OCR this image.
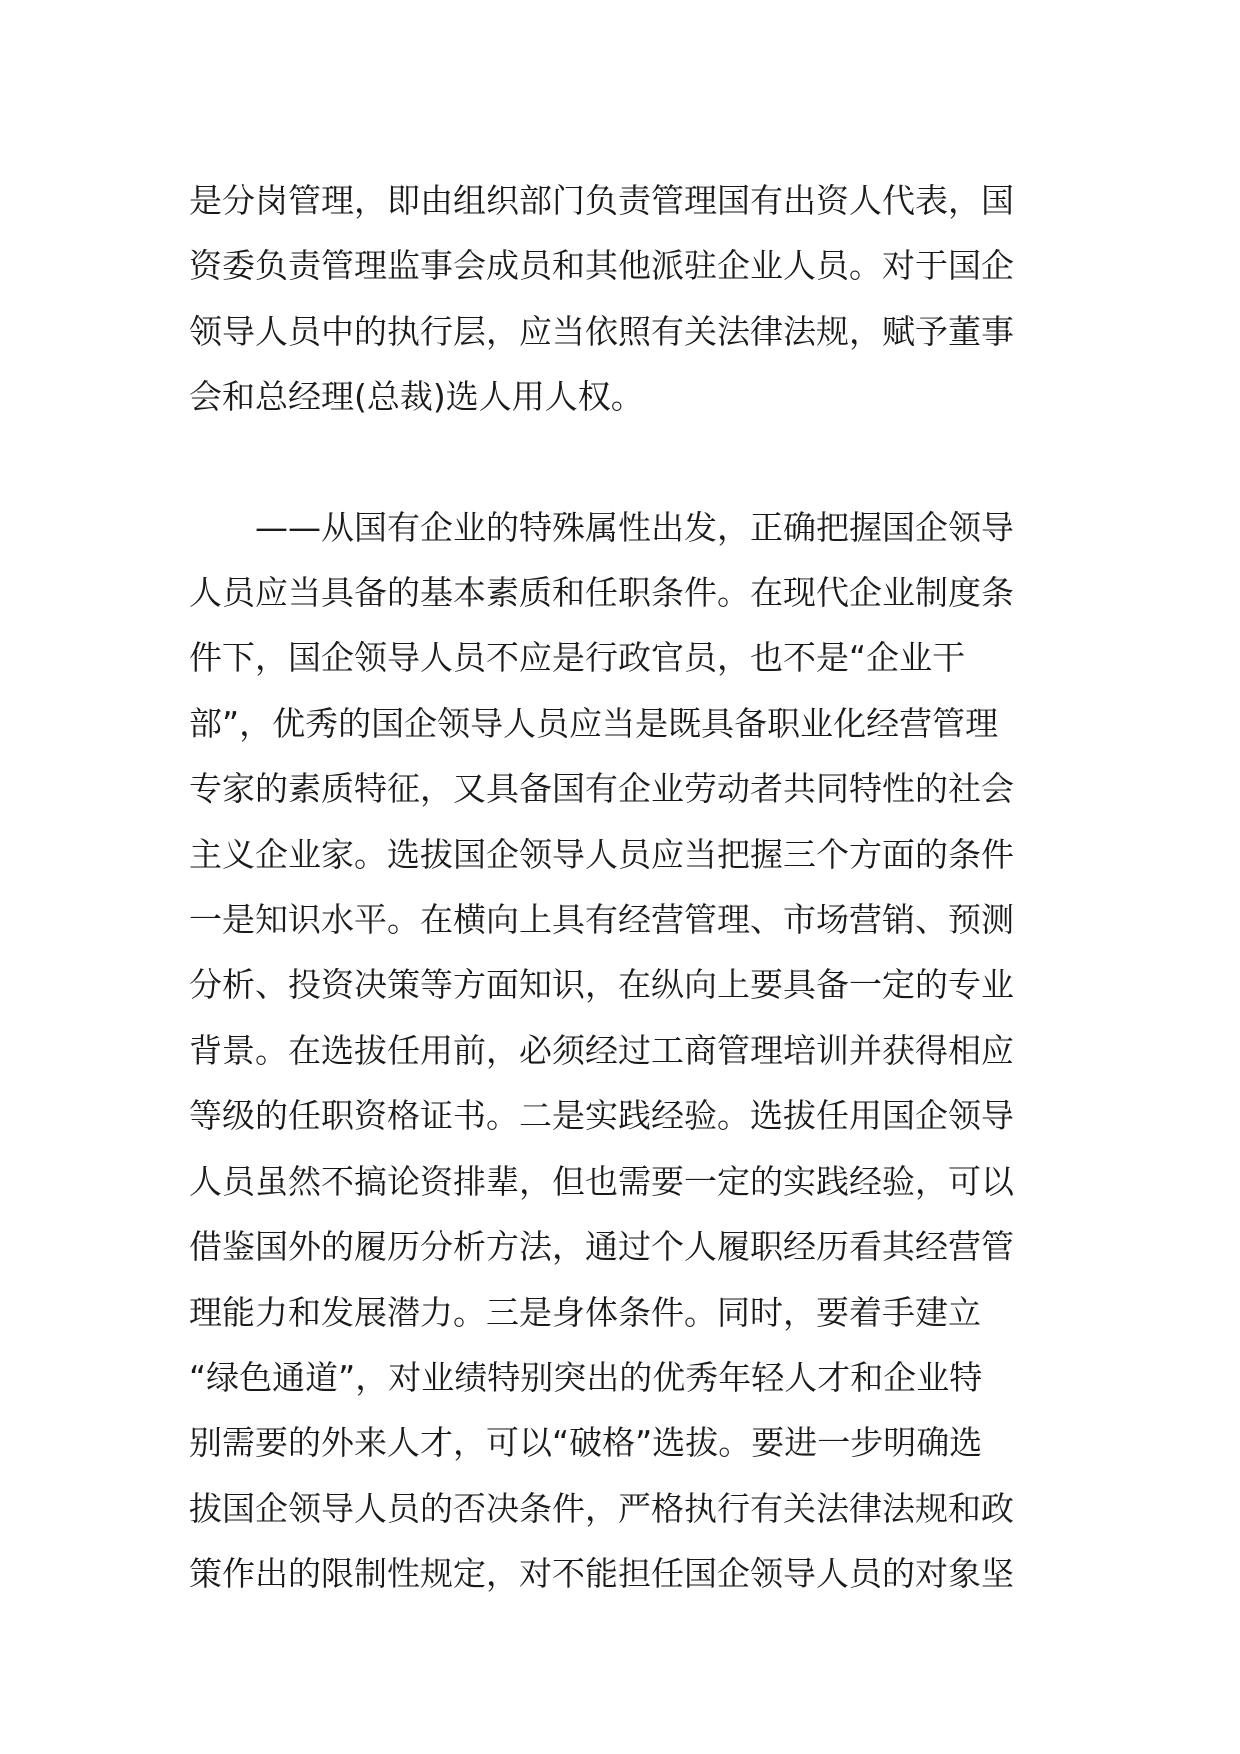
是分岗管理，即由组织部门负责管理国有出资人代表，国

资委负责管理监事会成员和其他派驻企业人员。对于国企

领导人员中的执行层，应当依照有关法律法规，赋予董事

会和总经理(总裁)选人用人权。

——从国有企业的特殊属性出发，正确把握国企领导

人员应当具备的基本素质和任职条件。在现代企业制度条

件下，国企领导人员不应是行政官员，也不是“企业干

部”，优秀的国企领导人员应当是既具备职业化经营管理

专家的素质特征，又具备国有企业劳动者共同特性的社会

主义企业家。选拔国企领导人员应当把握三个方面的条件

一是知识水平。在横向上具有经营管理、市场营销、预测

分析、投资决策等方面知识，在纵向上要具备一定的专业

背景。在选拔任用前，必须经过工商管理培训并获得相应

等级的任职资格证书。二是实践经验。选拔任用国企领导

人员虽然不搞论资排辈，但也需要一定的实践经验，可以

借鉴国外的履历分析方法，通过个人履职经历看其经营管

理能力和发展潜力。三是身体条件。同时，要着手建立

“绿色通道”，对业绩特别突出的优秀年轻人才和企业特

别需要的外来人才，可以“破格”选拔。要进一步明确选

拔国企领导人员的否决条件，严格执行有关法律法规和政

策作出的限制性规定，对不能担任国企领导人员的对象坚
